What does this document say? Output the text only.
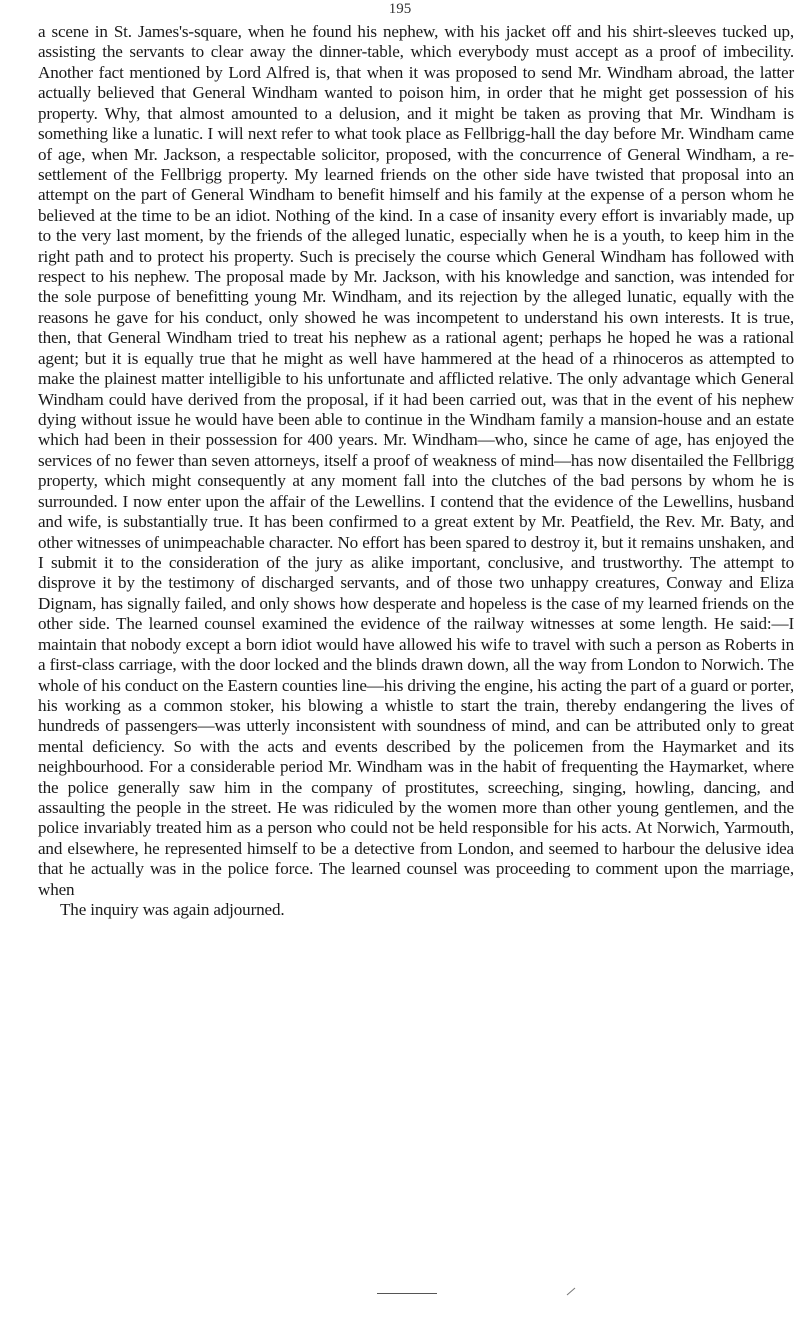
195

a scene in St. James's-square, when he found his nephew, with his jacket off and his shirt-sleeves tucked up, assisting the servants to clear away the dinner-table, which everybody must accept as a proof of imbecility. Another fact mentioned by Lord Alfred is, that when it was proposed to send Mr. Windham abroad, the latter actually believed that General Windham wanted to poison him, in order that he might get possession of his property. Why, that almost amounted to a delusion, and it might be taken as proving that Mr. Windham is something like a lunatic. I will next refer to what took place as Fellbrigg-hall the day before Mr. Windham came of age, when Mr. Jackson, a respectable solicitor, proposed, with the concurrence of General Windham, a re-settlement of the Fellbrigg property. My learned friends on the other side have twisted that proposal into an attempt on the part of General Windham to benefit himself and his family at the expense of a person whom he believed at the time to be an idiot. Nothing of the kind. In a case of insanity every effort is invariably made, up to the very last moment, by the friends of the alleged lunatic, especially when he is a youth, to keep him in the right path and to protect his property. Such is precisely the course which General Windham has followed with respect to his nephew. The proposal made by Mr. Jackson, with his knowledge and sanction, was intended for the sole purpose of benefitting young Mr. Windham, and its rejection by the alleged lunatic, equally with the reasons he gave for his conduct, only showed he was incompetent to understand his own interests. It is true, then, that General Windham tried to treat his nephew as a rational agent; perhaps he hoped he was a rational agent; but it is equally true that he might as well have hammered at the head of a rhinoceros as attempted to make the plainest matter intelligible to his unfortunate and afflicted relative. The only advantage which General Windham could have derived from the proposal, if it had been carried out, was that in the event of his nephew dying without issue he would have been able to continue in the Windham family a mansion-house and an estate which had been in their possession for 400 years. Mr. Windham—who, since he came of age, has enjoyed the services of no fewer than seven attorneys, itself a proof of weakness of mind—has now disentailed the Fellbrigg property, which might consequently at any moment fall into the clutches of the bad persons by whom he is surrounded. I now enter upon the affair of the Lewellins. I contend that the evidence of the Lewellins, husband and wife, is substantially true. It has been confirmed to a great extent by Mr. Peatfield, the Rev. Mr. Baty, and other witnesses of unimpeachable character. No effort has been spared to destroy it, but it remains unshaken, and I submit it to the consideration of the jury as alike important, conclusive, and trustworthy. The attempt to disprove it by the testimony of discharged servants, and of those two unhappy creatures, Conway and Eliza Dignam, has signally failed, and only shows how desperate and hopeless is the case of my learned friends on the other side. The learned counsel examined the evidence of the railway witnesses at some length. He said:—I maintain that nobody except a born idiot would have allowed his wife to travel with such a person as Roberts in a first-class carriage, with the door locked and the blinds drawn down, all the way from London to Norwich. The whole of his conduct on the Eastern counties line—his driving the engine, his acting the part of a guard or porter, his working as a common stoker, his blowing a whistle to start the train, thereby endangering the lives of hundreds of passengers—was utterly inconsistent with soundness of mind, and can be attributed only to great mental deficiency. So with the acts and events described by the policemen from the Haymarket and its neighbourhood. For a considerable period Mr. Windham was in the habit of frequenting the Haymarket, where the police generally saw him in the company of prostitutes, screeching, singing, howling, dancing, and assaulting the people in the street. He was ridiculed by the women more than other young gentlemen, and the police invariably treated him as a person who could not be held responsible for his acts. At Norwich, Yarmouth, and elsewhere, he represented himself to be a detective from London, and seemed to harbour the delusive idea that he actually was in the police force. The learned counsel was proceeding to comment upon the marriage, when

The inquiry was again adjourned.
